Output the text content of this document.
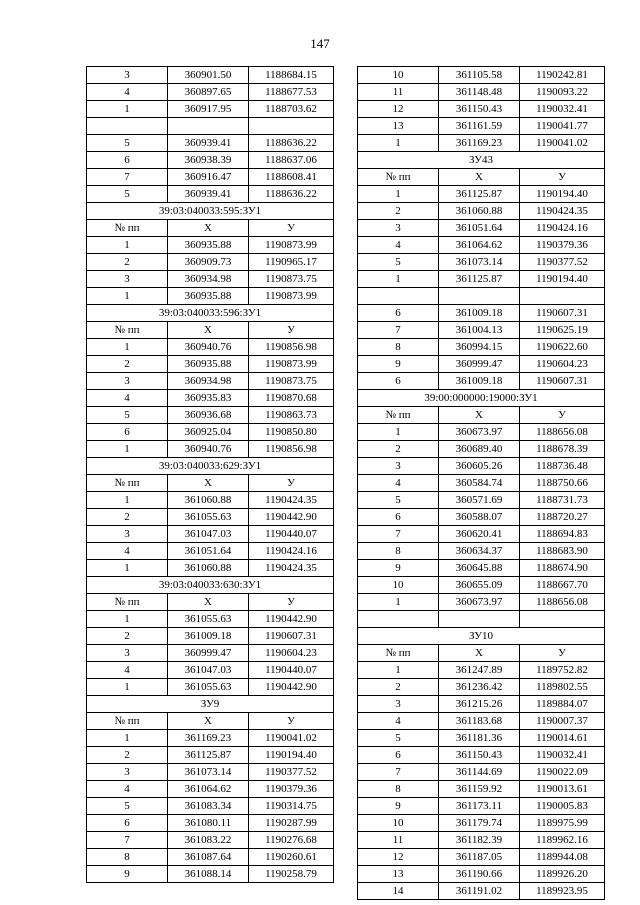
147
3	360901.50	1188684.15
4	360897.65	1188677.53
1	360917.95	1188703.62

5	360939.41	1188636.22
6	360938.39	1188637.06
7	360916.47	1188608.41
5	360939.41	1188636.22
39:03:040033:595:ЗУ1		
№ пп	Х	У
1	360935.88	1190873.99
2	360909.73	1190965.17
3	360934.98	1190873.75
1	360935.88	1190873.99
39:03:040033:596:ЗУ1		
№ пп	Х	У
1	360940.76	1190856.98
2	360935.88	1190873.99
3	360934.98	1190873.75
4	360935.83	1190870.68
5	360936.68	1190863.73
6	360925.04	1190850.80
1	360940.76	1190856.98
39:03:040033:629:ЗУ1		
№ пп	Х	У
1	361060.88	1190424.35
2	361055.63	1190442.90
3	361047.03	1190440.07
4	361051.64	1190424.16
1	361060.88	1190424.35
39:03:040033:630:ЗУ1		
№ пп	Х	У
1	361055.63	1190442.90
2	361009.18	1190607.31
3	360999.47	1190604.23
4	361047.03	1190440.07
1	361055.63	1190442.90
ЗУ9		
№ пп	Х	У
1	361169.23	1190041.02
2	361125.87	1190194.40
3	361073.14	1190377.52
4	361064.62	1190379.36
5	361083.34	1190314.75
6	361080.11	1190287.99
7	361083.22	1190276.68
8	361087.64	1190260.61
9	361088.14	1190258.79
10	361105.58	1190242.81
11	361148.48	1190093.22
12	361150.43	1190032.41
13	361161.59	1190041.77
1	361169.23	1190041.02
ЗУ43		
№ пп	Х	У
1	361125.87	1190194.40
2	361060.88	1190424.35
3	361051.64	1190424.16
4	361064.62	1190379.36
5	361073.14	1190377.52
1	361125.87	1190194.40

6	361009.18	1190607.31
7	361004.13	1190625.19
8	360994.15	1190622.60
9	360999.47	1190604.23
6	361009.18	1190607.31
39:00:000000:19000:ЗУ1		
№ пп	Х	У
1	360673.97	1188656.08
2	360689.40	1188678.39
3	360605.26	1188736.48
4	360584.74	1188750.66
5	360571.69	1188731.73
6	360588.07	1188720.27
7	360620.41	1188694.83
8	360634.37	1188683.90
9	360645.88	1188674.90
10	360655.09	1188667.70
1	360673.97	1188656.08

ЗУ10		
№ пп	Х	У
1	361247.89	1189752.82
2	361236.42	1189802.55
3	361215.26	1189884.07
4	361183.68	1190007.37
5	361181.36	1190014.61
6	361150.43	1190032.41
7	361144.69	1190022.09
8	361159.92	1190013.61
9	361173.11	1190005.83
10	361179.74	1189975.99
11	361182.39	1189962.16
12	361187.05	1189944.08
13	361190.66	1189926.20
14	361191.02	1189923.95
